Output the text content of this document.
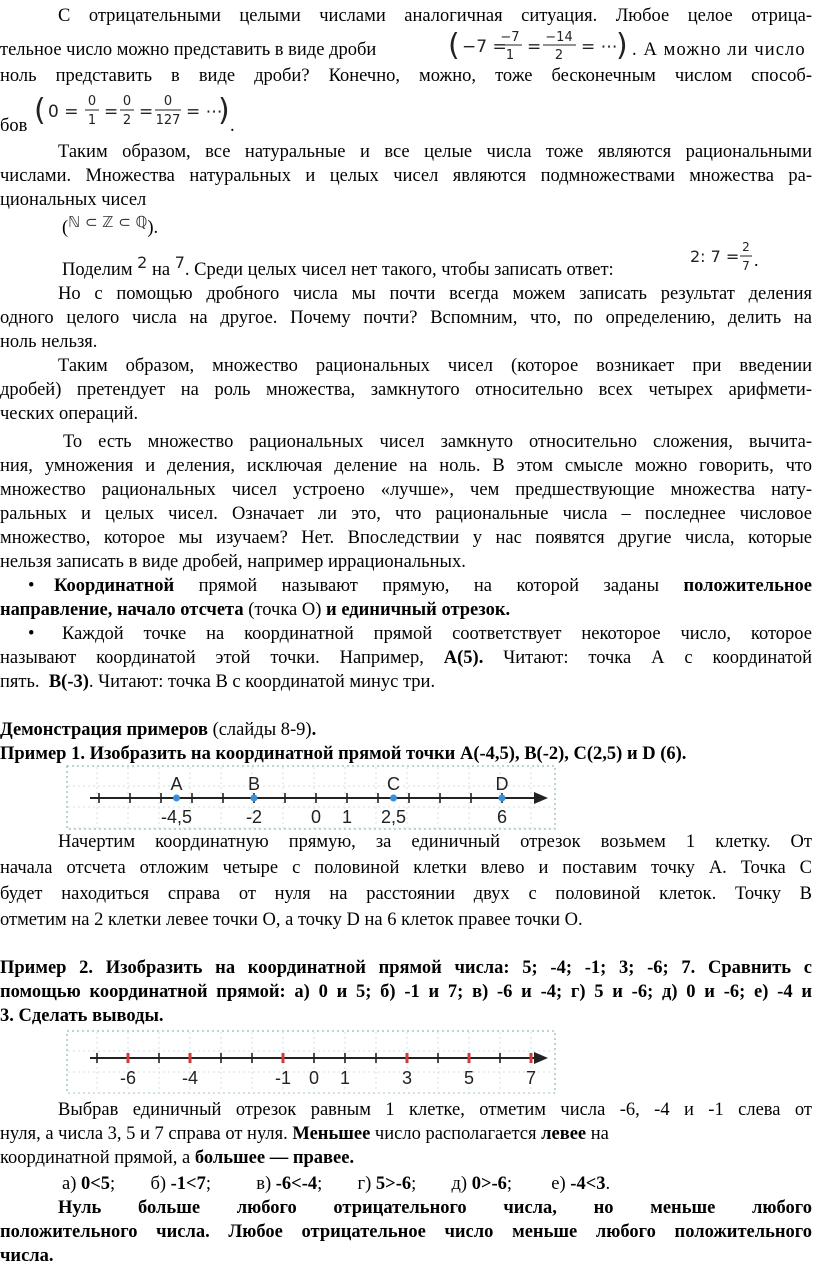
С отрицательными целыми числами аналогичная ситуация. Любое целое отрица-
тельное число можно представить в виде дроби ( −7 =
−7
1 = −14
2 = ⋯
) . А можно ли число
ноль представить в виде дроби? Конечно, можно, тоже бесконечным числом способ-
бов ( 0 =
0
1 =
0
2 =
0
127 = ⋯
) .
Таким образом, все натуральные и все целые числа тоже являются рациональными
числами. Множества натуральных и целых чисел являются подмножествами множества ра-
циональных чисел
($^{ℕ \subset ℤ \subset ℚ}$).
Поделим 2 на 7. Среди целых чисел нет такого, чтобы записать ответ:
2: 7 = 2
7 .
Но с помощью дробного числа мы почти всегда можем записать результат деления
одного целого числа на другое. Почему почти? Вспомним, что, по определению, делить на
ноль нельзя.
Таким образом, множество рациональных чисел (которое возникает при введении
дробей) претендует на роль множества, замкнутого относительно всех четырех арифмети-
ческих операций.
То есть множество рациональных чисел замкнуто относительно сложения, вычита-
ния, умножения и деления, исключая деление на ноль. В этом смысле можно говорить, что
множество рациональных чисел устроено «лучше», чем предшествующие множества нату-
ральных и целых чисел. Означает ли это, что рациональные числа – последнее числовое
множество, которое мы изучаем? Нет. Впоследствии у нас появятся другие числа, которые
нельзя записать в виде дробей, например иррациональных.
• Координатной прямой называют прямую, на которой заданы положительное
направление, начало отсчета (точка О) и единичный отрезок.
• Каждой точке на координатной прямой соответствует некоторое число, которое
называют координатой этой точки. Например, А(5). Читают: точка А с координатой
пять. В(-3). Читают: точка В с координатой минус три.
Демонстрация примеров (слайды 8-9).
Пример 1. Изобразить на координатной прямой точки А(-4,5), В(-2), С(2,5) и D (6).
A
-4,5
B
-2
C
2,5
D
6
0 1
Начертим координатную прямую, за единичный отрезок возьмем 1 клетку. От
начала отсчета отложим четыре с половиной клетки влево и поставим точку А. Точка С
будет находиться справа от нуля на расстоянии двух с половиной клеток. Точку В
отметим на 2 клетки левее точки О, а точку D на 6 клеток правее точки О.
Пример 2. Изобразить на координатной прямой числа: 5; -4; -1; 3; -6; 7. Сравнить с
помощью координатной прямой: а) 0 и 5; б) -1 и 7; в) -6 и -4; г) 5 и -6; д) 0 и -6; е) -4 и
3. Сделать выводы.
-6	-4	-1 0 1	3	5	7
Выбрав единичный отрезок равным 1 клетке, отметим числа -6, -4 и -1 слева от
нуля, а числа 3, 5 и 7 справа от нуля. Меньшее число располагается левее на
координатной прямой, а большее — правее.
а) 0<5; б) -1<7; в) -6<-4; г) 5>-6; д) 0>-6; е) -4<3.
Нуль больше любого отрицательного числа, но меньше любого
положительного числа. Любое отрицательное число меньше любого положительного
числа.
